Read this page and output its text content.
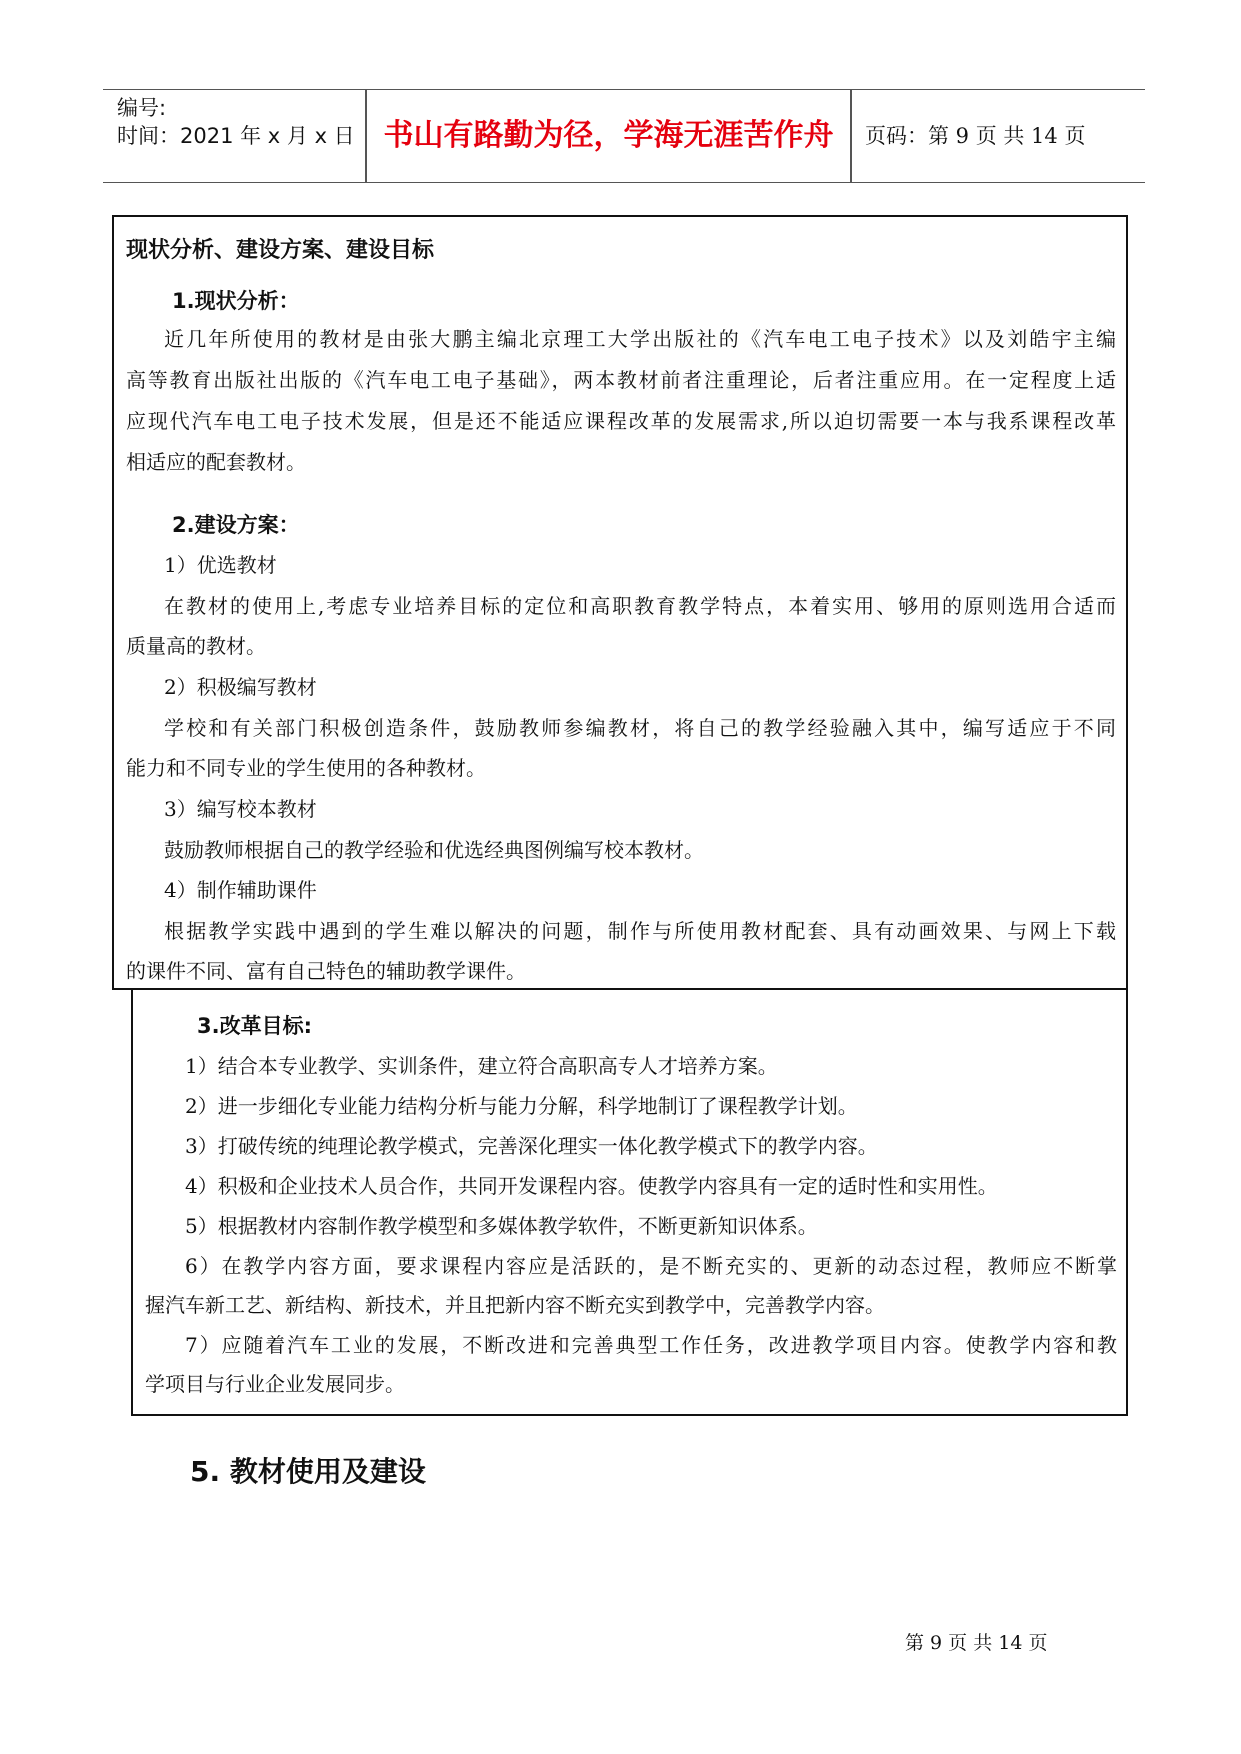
编号:
时间：2021 年 x 月 x 日 书山有路勤为径，学海无涯苦作舟	页码：第 9 页 共 14 页
现状分析、建设方案、建设目标
1.现状分析：
近几年所使用的教材是由张大鹏主编北京理工大学出版社的《汽车电工电子技术》以及刘皓宇主编
高等教育出版社出版的《汽车电工电子基础》，两本教材前者注重理论，后者注重应用。在一定程度上适
应现代汽车电工电子技术发展，但是还不能适应课程改革的发展需求,所以迫切需要一本与我系课程改革
相适应的配套教材。
2.建设方案：
1）优选教材
在教材的使用上,考虑专业培养目标的定位和高职教育教学特点，本着实用、够用的原则选用合适而
质量高的教材。
2）积极编写教材
学校和有关部门积极创造条件，鼓励教师参编教材，将自己的教学经验融入其中，编写适应于不同
能力和不同专业的学生使用的各种教材。
3）编写校本教材
鼓励教师根据自己的教学经验和优选经典图例编写校本教材。
4）制作辅助课件
根据教学实践中遇到的学生难以解决的问题，制作与所使用教材配套、具有动画效果、与网上下载
的课件不同、富有自己特色的辅助教学课件。
3.改革目标:
1）结合本专业教学、实训条件，建立符合高职高专人才培养方案。
2）进一步细化专业能力结构分析与能力分解，科学地制订了课程教学计划。
3）打破传统的纯理论教学模式，完善深化理实一体化教学模式下的教学内容。
4）积极和企业技术人员合作，共同开发课程内容。使教学内容具有一定的适时性和实用性。
5）根据教材内容制作教学模型和多媒体教学软件，不断更新知识体系。
6）在教学内容方面，要求课程内容应是活跃的，是不断充实的、更新的动态过程，教师应不断掌
握汽车新工艺、新结构、新技术，并且把新内容不断充实到教学中，完善教学内容。
7）应随着汽车工业的发展，不断改进和完善典型工作任务，改进教学项目内容。使教学内容和教
学项目与行业企业发展同步。
5. 教材使用及建设
第 9 页 共 14 页
